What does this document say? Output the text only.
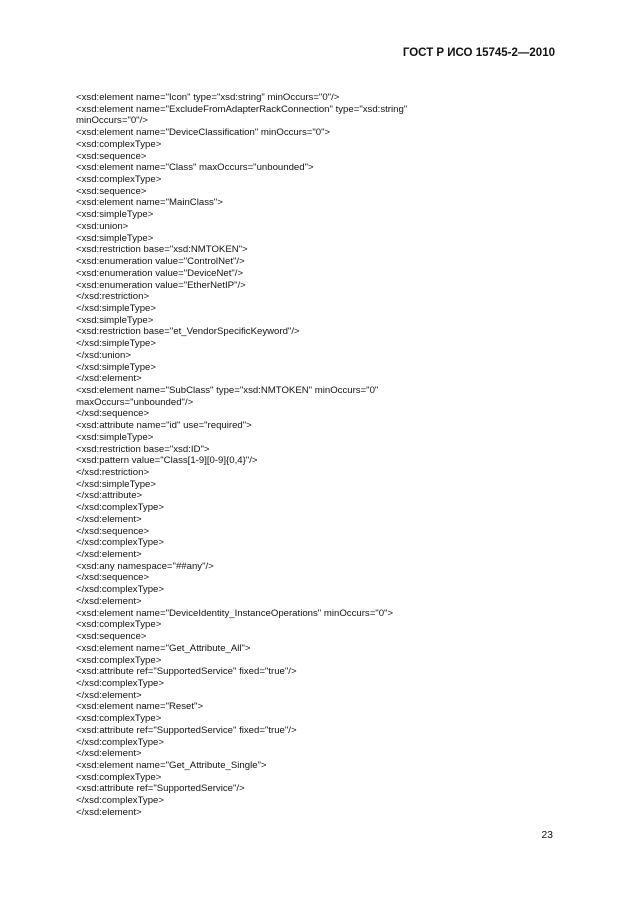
ГОСТ Р ИСО 15745-2—2010
<xsd:element name="Icon" type="xsd:string" minOccurs="0"/>
<xsd:element name="ExcludeFromAdapterRackConnection" type="xsd:string"
minOccurs="0"/>
<xsd:element name="DeviceClassification" minOccurs="0">
<xsd:complexType>
<xsd:sequence>
<xsd:element name="Class" maxOccurs="unbounded">
<xsd:complexType>
<xsd:sequence>
<xsd:element name="MainClass">
<xsd:simpleType>
<xsd:union>
<xsd:simpleType>
<xsd:restriction base="xsd:NMTOKEN">
<xsd:enumeration value="ControlNet"/>
<xsd:enumeration value="DeviceNet"/>
<xsd:enumeration value="EtherNetIP"/>
</xsd:restriction>
</xsd:simpleType>
<xsd:simpleType>
<xsd:restriction base="et_VendorSpecificKeyword"/>
</xsd:simpleType>
</xsd:union>
</xsd:simpleType>
</xsd:element>
<xsd:element name="SubClass" type="xsd:NMTOKEN" minOccurs="0"
maxOccurs="unbounded"/>
</xsd:sequence>
<xsd:attribute name="id" use="required">
<xsd:simpleType>
<xsd:restriction base="xsd:ID">
<xsd:pattern value="Class[1-9][0-9]{0,4}"/>
</xsd:restriction>
</xsd:simpleType>
</xsd:attribute>
</xsd:complexType>
</xsd:element>
</xsd:sequence>
</xsd:complexType>
</xsd:element>
<xsd:any namespace="##any"/>
</xsd:sequence>
</xsd:complexType>
</xsd:element>
<xsd:element name="DeviceIdentity_InstanceOperations" minOccurs="0">
<xsd:complexType>
<xsd:sequence>
<xsd:element name="Get_Attribute_All">
<xsd:complexType>
<xsd:attribute ref="SupportedService" fixed="true"/>
</xsd:complexType>
</xsd:element>
<xsd:element name="Reset">
<xsd:complexType>
<xsd:attribute ref="SupportedService" fixed="true"/>
</xsd:complexType>
</xsd:element>
<xsd:element name="Get_Attribute_Single">
<xsd:complexType>
<xsd:attribute ref="SupportedService"/>
</xsd:complexType>
</xsd:element>
23
